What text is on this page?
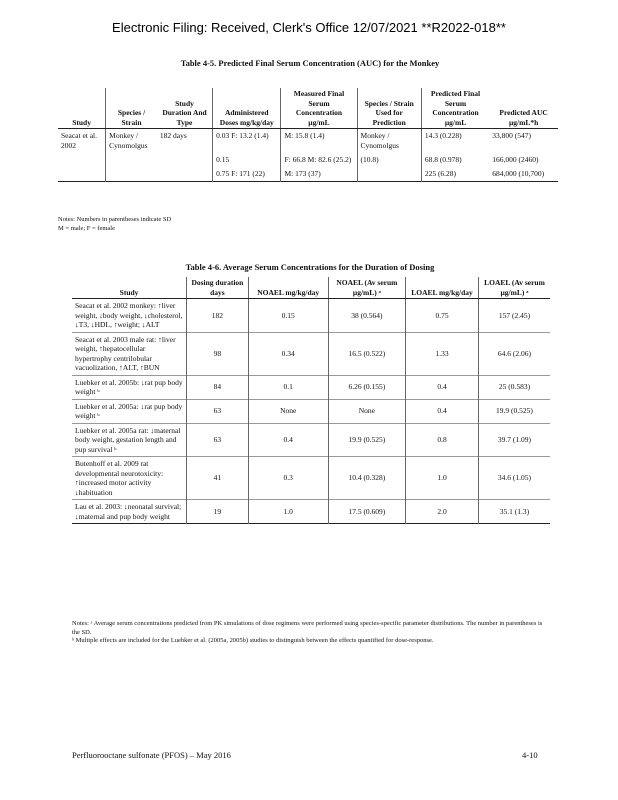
Electronic Filing: Received, Clerk's Office 12/07/2021 **R2022-018**
Table 4-5. Predicted Final Serum Concentration (AUC) for the Monkey
Study	Species / Strain	Study Duration And Type	Administered Doses mg/kg/day	Measured Final Serum Concentration µg/mL	Species / Strain Used for Prediction	Predicted Final Serum Concentration µg/mL	Predicted AUC µg/mL*h
Seacat et al. 2002	Monkey / Cynomolgus	182 days	0.03 F: 13.2 (1.4)	M: 15.8 (1.4)	Monkey / Cynomolgus	14.3 (0.228)	33,800 (547)
			0.15	F: 66.8 M: 82.6 (25.2)	(10.8)	68.8 (0.978)	166,000 (2460)
			0.75 F: 171 (22)	M: 173 (37)		225 (6.28)	684,000 (10,700)
Notes: Numbers in parentheses indicate SD
M = male; F = female
Table 4-6. Average Serum Concentrations for the Duration of Dosing
Study	Dosing duration days	NOAEL mg/kg/day	NOAEL (Av serum µg/mL) ᵃ	LOAEL mg/kg/day	LOAEL (Av serum µg/mL) ᵃ
Seacat et al. 2002 monkey: ↑liver weight, ↓body weight, ↓cholesterol, ↓T3, ↓HDL, ↑weight; ↓ALT	182	0.15	38 (0.564)	0.75	157 (2.45)
Seacat et al. 2003 male rat: ↑liver weight, ↑hepatocellular hypertrophy centrilobular vacuolization, ↑ALT, ↑BUN	98	0.34	16.5 (0.522)	1.33	64.6 (2.06)
Luebker et al. 2005b: ↓rat pup body weight ᵇ	84	0.1	6.26 (0.155)	0.4	25 (0.583)
Luebker et al. 2005a: ↓rat pup body weight ᵇ	63	None	None	0.4	19.9 (0.525)
Luebker et al. 2005a rat: ↓maternal body weight, gestation length and pup survival ᵇ	63	0.4	19.9 (0.525)	0.8	39.7 (1.09)
Butenhoff et al. 2009 rat developmental neurotoxicity: ↑increased motor activity ↓habituation	41	0.3	10.4 (0.328)	1.0	34.6 (1.05)
Lau et al. 2003: ↓neonatal survival; ↓maternal and pup body weight	19	1.0	17.5 (0.609)	2.0	35.1 (1.3)
Notes: ᵃ Average serum concentrations predicted from PK simulations of dose regimens were performed using species-specific parameter distributions. The number in parentheses is the SD.
ᵇ Multiple effects are included for the Luebker et al. (2005a, 2005b) studies to distinguish between the effects quantified for dose-response.
Perfluorooctane sulfonate (PFOS) – May 2016	4-10
